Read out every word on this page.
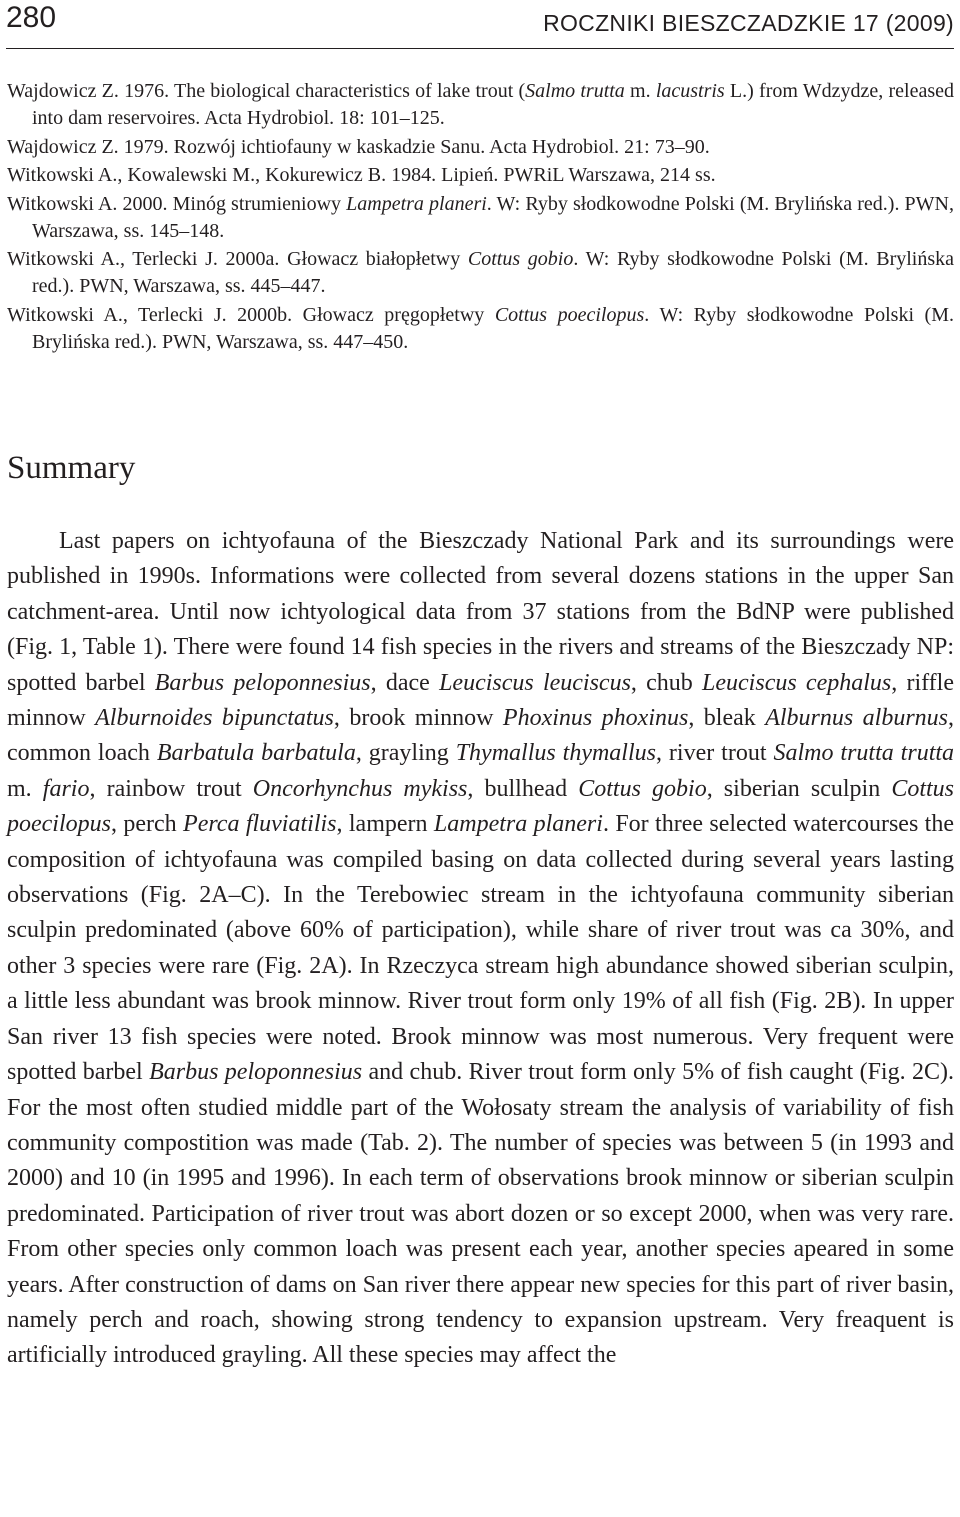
280	ROCZNIKI BIESZCZADZKIE 17 (2009)

Wajdowicz Z. 1976. The biological characteristics of lake trout (Salmo trutta m. lacustris L.) from Wdzydze, released into dam reservoires. Acta Hydrobiol. 18: 101–125.

Wajdowicz Z. 1979. Rozwój ichtiofauny w kaskadzie Sanu. Acta Hydrobiol. 21: 73–90.

Witkowski A., Kowalewski M., Kokurewicz B. 1984. Lipień. PWRiL Warszawa, 214 ss.

Witkowski A. 2000. Minóg strumieniowy Lampetra planeri. W: Ryby słodkowodne Polski (M. Brylińska red.). PWN, Warszawa, ss. 145–148.

Witkowski A., Terlecki J. 2000a. Głowacz białopłetwy Cottus gobio. W: Ryby słodkowodne Polski (M. Brylińska red.). PWN, Warszawa, ss. 445–447.

Witkowski A., Terlecki J. 2000b. Głowacz pręgopłetwy Cottus poecilopus. W: Ryby słodkowodne Polski (M. Brylińska red.). PWN, Warszawa, ss. 447–450.

Summary

Last papers on ichtyofauna of the Bieszczady National Park and its surroundings were published in 1990s. Informations were collected from several dozens stations in the upper San catchment-area. Until now ichtyological data from 37 stations from the BdNP were published (Fig. 1, Table 1). There were found 14 fish species in the rivers and streams of the Bieszczady NP: spotted barbel Barbus peloponnesius, dace Leuciscus leuciscus, chub Leuciscus cephalus, riffle minnow Alburnoides bipunctatus, brook minnow Phoxinus phoxinus, bleak Alburnus alburnus, common loach Barbatula barbatula, grayling Thymallus thymallus, river trout Salmo trutta trutta m. fario, rainbow trout Oncorhynchus mykiss, bullhead Cottus gobio, siberian sculpin Cottus poecilopus, perch Perca fluviatilis, lampern Lampetra planeri. For three selected watercourses the composition of ichtyofauna was compiled basing on data collected during several years lasting observations (Fig. 2A–C). In the Terebowiec stream in the ichtyofauna community siberian sculpin predominated (above 60% of participation), while share of river trout was ca 30%, and other 3 species were rare (Fig. 2A). In Rzeczyca stream high abundance showed siberian sculpin, a little less abundant was brook minnow. River trout form only 19% of all fish (Fig. 2B). In upper San river 13 fish species were noted. Brook minnow was most numerous. Very frequent were spotted barbel Barbus peloponnesius and chub. River trout form only 5% of fish caught (Fig. 2C). For the most often studied middle part of the Wołosaty stream the analysis of variability of fish community compostition was made (Tab. 2). The number of species was between 5 (in 1993 and 2000) and 10 (in 1995 and 1996). In each term of observations brook minnow or siberian sculpin predominated. Participation of river trout was abort dozen or so except 2000, when was very rare. From other species only common loach was present each year, another species apeared in some years. After construction of dams on San river there appear new species for this part of river basin, namely perch and roach, showing strong tendency to expansion upstream. Very freaquent is artificially introduced grayling. All these species may affect the
